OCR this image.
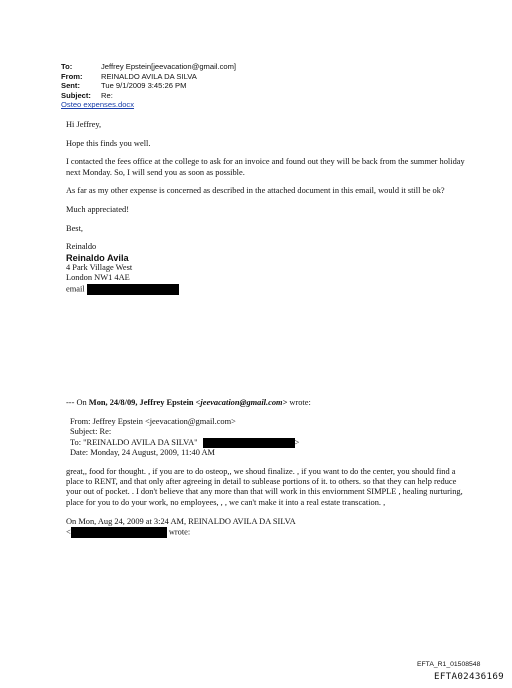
To:	Jeffrey Epstein[jeevacation@gmail.com]
From:	REINALDO AVILA DA SILVA
Sent:	Tue 9/1/2009 3:45:26 PM
Subject:	Re:
Osteo expenses.docx

Hi Jeffrey,

Hope this finds you well.

I contacted the fees office at the college to ask for an invoice and found out they will be back from the summer holiday next Monday. So, I will send you as soon as possible.

As far as my other expense is concerned as described in the attached document in this email, would it still be ok?

Much appreciated!

Best,

Reinaldo
Reinaldo Avila
4 Park Village West
London NW1 4AE
email

--- On Mon, 24/8/09, Jeffrey Epstein <jeevacation@gmail.com> wrote:

From: Jeffrey Epstein <jeevacation@gmail.com>
Subject: Re:
To: "REINALDO AVILA DA SILVA"	>
Date: Monday, 24 August, 2009, 11:40 AM

great,, food for thought. , if you are to do osteop,, we shoud finalize. , if you want to do the center, you should find a place to RENT, and that only after agreeing in detail to sublease portions of it. to others. so that they can help reduce your out of pocket. . I don't believe that any more than that will work in this enviornment SIMPLE , healing nurturing, place for you to do your work, no employees, , , we can't make it into a real estate transcation. ,

On Mon, Aug 24, 2009 at 3:24 AM, REINALDO AVILA DA SILVA

<	wrote:

EFTA_R1_01508548
EFTA02436169
